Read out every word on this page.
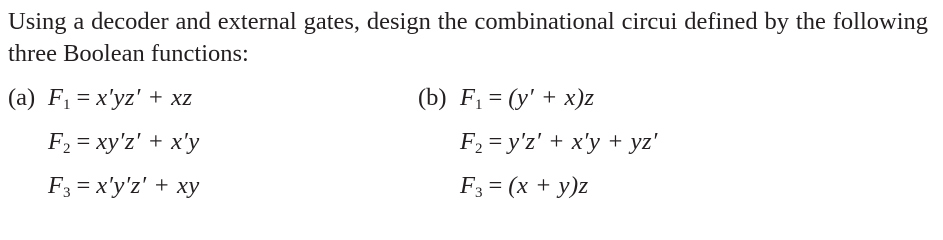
Using a decoder and external gates, design the combinational circui defined by the following three Boolean functions:
(a) $F_1 = x'yz'$ + xz
$F_2 = xy'z' + x'y$
$F_3 = x'y'z'$ + xy
(b) $F_1 = (y' + x)z$
$F_2 = y'z' + x'y + yz'$
$F_3 = (x + y)z$
